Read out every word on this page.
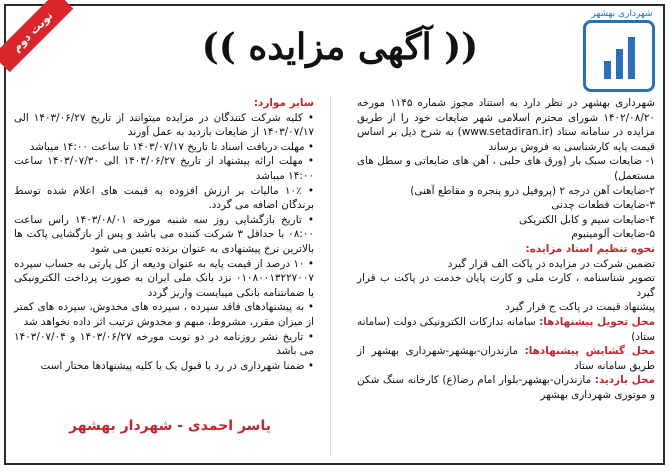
نوبت دوم	شهرداری بهشهر
(( آگهی مزایده ))
شهرداری بهشهر در نظر دارد به استناد مجوز شماره ۱۱۴۵ مورخه ۱۴۰۲/۰۸/۲۰ شورای محترم اسلامی شهر ضایعات خود را از طریق مزایده در سامانه ستاد (www.setadiran.ir) به شرح ذیل بر اساس قیمت پایه کارشناسی به فروش برساند
۱- ضایعات سبک بار (ورق های حلبی ، آهن های ضایعاتی و سطل های مستعمل)
۲-ضایعات آهن درجه ۲ (پروفیل درو پنجره و مقاطع آهنی)
۳-ضایعات قطعات چدنی
۴-ضایعات سیم و کابل الکتریکی
۵-ضایعات آلومینیوم
نحوه تنظیم اسناد مزایده:
تضمین شرکت در مزایده در پاکت الف قرار گیرد
تصویر شناسنامه ، کارت ملی و کارت پایان خدمت در پاکت ب قرار گیرد
پیشنهاد قیمت در پاکت ج قرار گیرد
محل تحویل پیشنهادها: سامانه تدارکات الکترونیکی دولت (سامانه ستاد)
محل گشایش پیشنهادها: مازندران-بهشهر-شهرداری بهشهر از طریق سامانه ستاد
محل بازدید: مازندران-بهشهر-بلوار امام رضا(ع) کارخانه سنگ شکن و موتوری شهرداری بهشهر
سایر موارد:
• کلیه شرکت کنندگان در مزایده میتوانند از تاریخ ۱۴۰۳/۰۶/۲۷ الی ۱۴۰۳/۰۷/۱۷ از ضایعات بازدید به عمل آورند
• مهلت دریافت اسناد تا تاریخ ۱۴۰۳/۰۷/۱۷ تا ساعت ۱۴:۰۰ میباشد
• مهلت ارائه پیشنهاد از تاریخ ۱۴۰۳/۰۶/۲۷ الی ۱۴۰۳/۰۷/۳۰ ساعت ۱۴:۰۰ میباشد
• ۱۰٪ مالیات بر ارزش افزوده به قیمت های اعلام شده توسط برندگان اضافه می گردد.
• تاریخ بازگشایی روز سه شنبه مورخه ۱۴۰۳/۰۸/۰۱ راس ساعت ۰۸:۰۰ با حداقل ۳ شرکت کننده می باشد و پس از بازگشایی پاکت ها بالاترین نرخ پیشنهادی به عنوان برنده تعیین می شود
• ۱۰ درصد از قیمت پایه به عنوان ودیعه از کل پارتی به حساب سپرده ۰۱۰۸۰۰۱۳۲۲۷۰۰۷ نزد بانک ملی ایران به صورت پرداخت الکترونیکی یا ضمانتنامه بانکی میبایست واریز گردد
• به پیشنهادهای فاقد سپرده ، سپرده های مخدوش، سپرده های کمتر از میزان مقرر، مشروط، مبهم و مخدوش ترتیب اثر داده نخواهد شد
• تاریخ نشر روزنامه در دو نوبت مورخه ۱۴۰۳/۰۶/۲۷ و ۱۴۰۳/۰۷/۰۴ می باشد
• ضمنا شهرداری در رد یا قبول یک یا کلیه پیشنهادها مختار است
یاسر احمدی - شهردار بهشهر
